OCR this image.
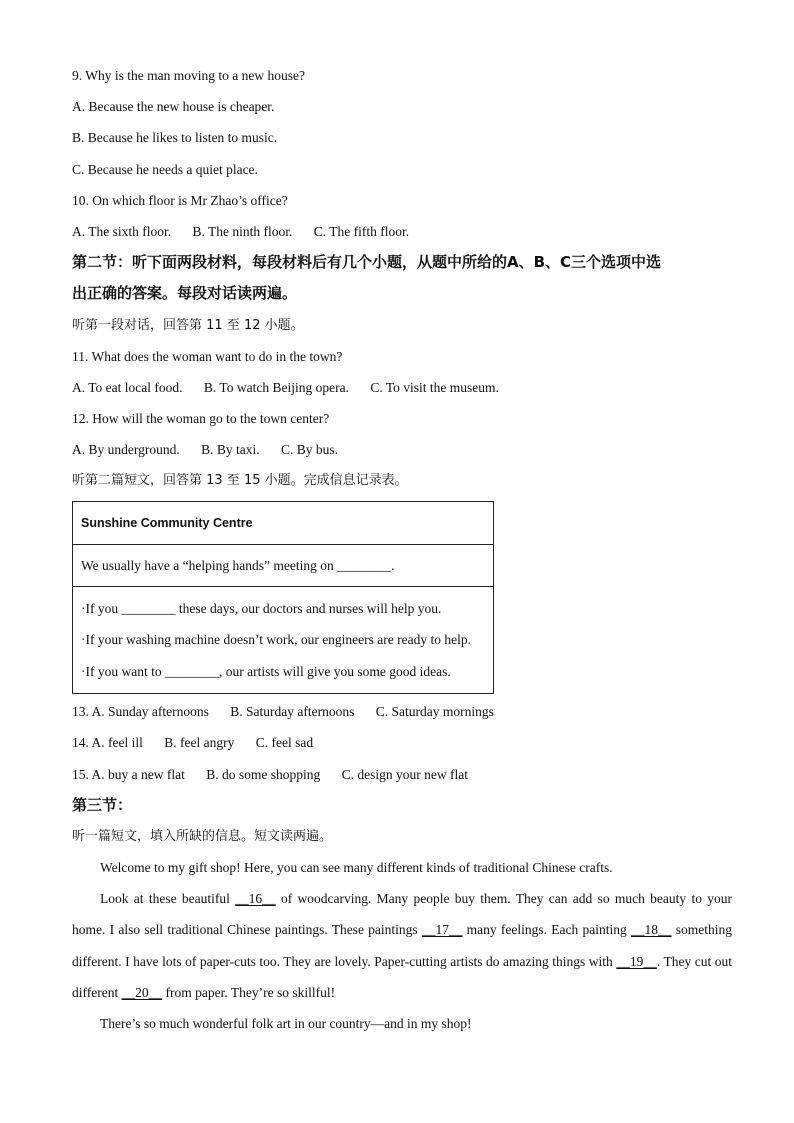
9. Why is the man moving to a new house?
A. Because the new house is cheaper.
B. Because he likes to listen to music.
C. Because he needs a quiet place.
10. On which floor is Mr Zhao’s office?
A. The sixth floor. B. The ninth floor. C. The fifth floor.
第二节：听下面两段材料，每段材料后有几个小题，从题中所给的A、B、C三个选项中选
出正确的答案。每段对话读两遍。
听第一段对话，回答第 11 至 12 小题。
11. What does the woman want to do in the town?
A. To eat local food. B. To watch Beijing opera. C. To visit the museum.
12. How will the woman go to the town center?
A. By underground. B. By taxi. C. By bus.
听第二篇短文，回答第 13 至 15 小题。完成信息记录表。
Sunshine Community Centre
We usually have a “helping hands” meeting on ________.
·If you ________ these days, our doctors and nurses will help you.
·If your washing machine doesn’t work, our engineers are ready to help.
·If you want to ________, our artists will give you some good ideas.
13. A. Sunday afternoons B. Saturday afternoons C. Saturday mornings
14. A. feel ill B. feel angry C. feel sad
15. A. buy a new flat B. do some shopping C. design your new flat
第三节：
听一篇短文，填入所缺的信息。短文读两遍。
Welcome to my gift shop! Here, you can see many different kinds of traditional Chinese crafts.
Look at these beautiful __16__ of woodcarving. Many people buy them. They can add so much beauty to your home. I also sell traditional Chinese paintings. These paintings __17__ many feelings. Each painting __18__ something different. I have lots of paper-cuts too. They are lovely. Paper-cutting artists do amazing things with __19__. They cut out different __20__ from paper. They’re so skillful!
There’s so much wonderful folk art in our country—and in my shop!
